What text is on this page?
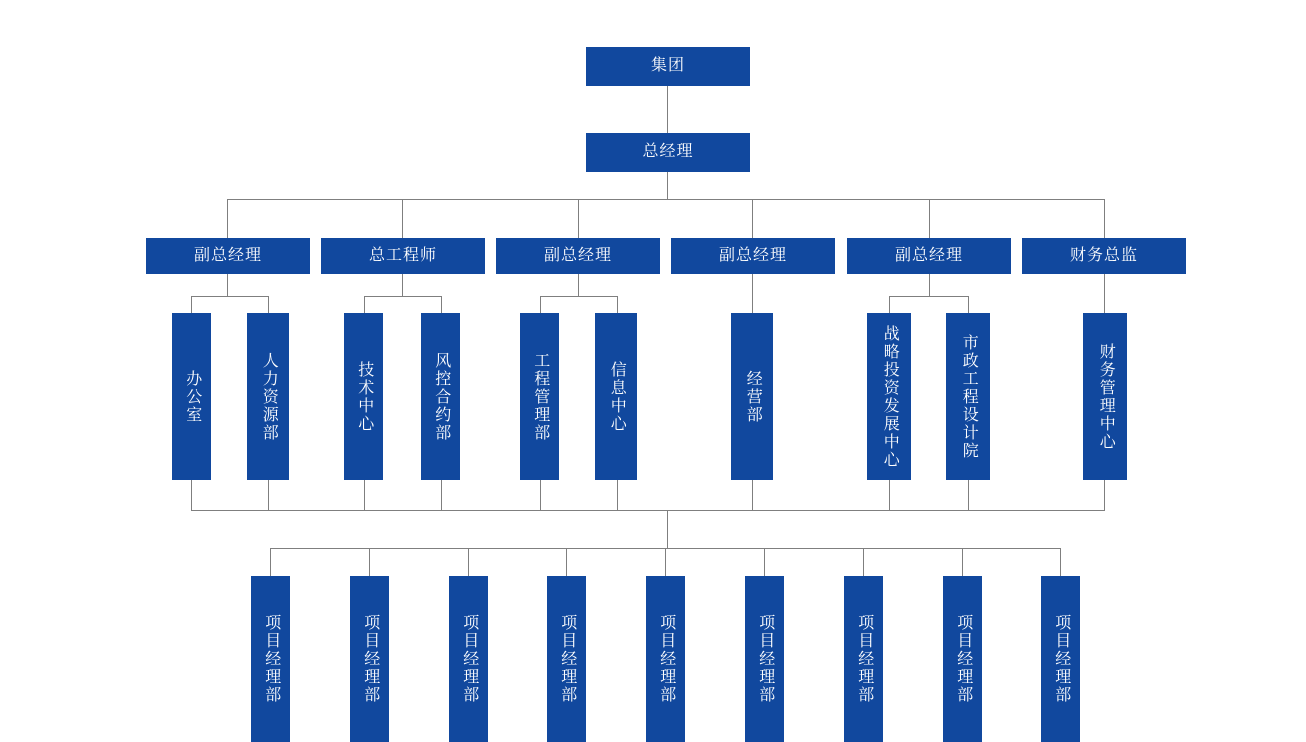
集团
总经理
副总经理	总工程师	副总经理	副总经理	副总经理	财务总监
办公室	人力资源部	技术中心	风控合约部	工程管理部	信息中心	经营部	战略投资发展中心	市政工程设计院	财务管理中心
项目经理部	项目经理部	项目经理部	项目经理部	项目经理部	项目经理部	项目经理部	项目经理部	项目经理部
